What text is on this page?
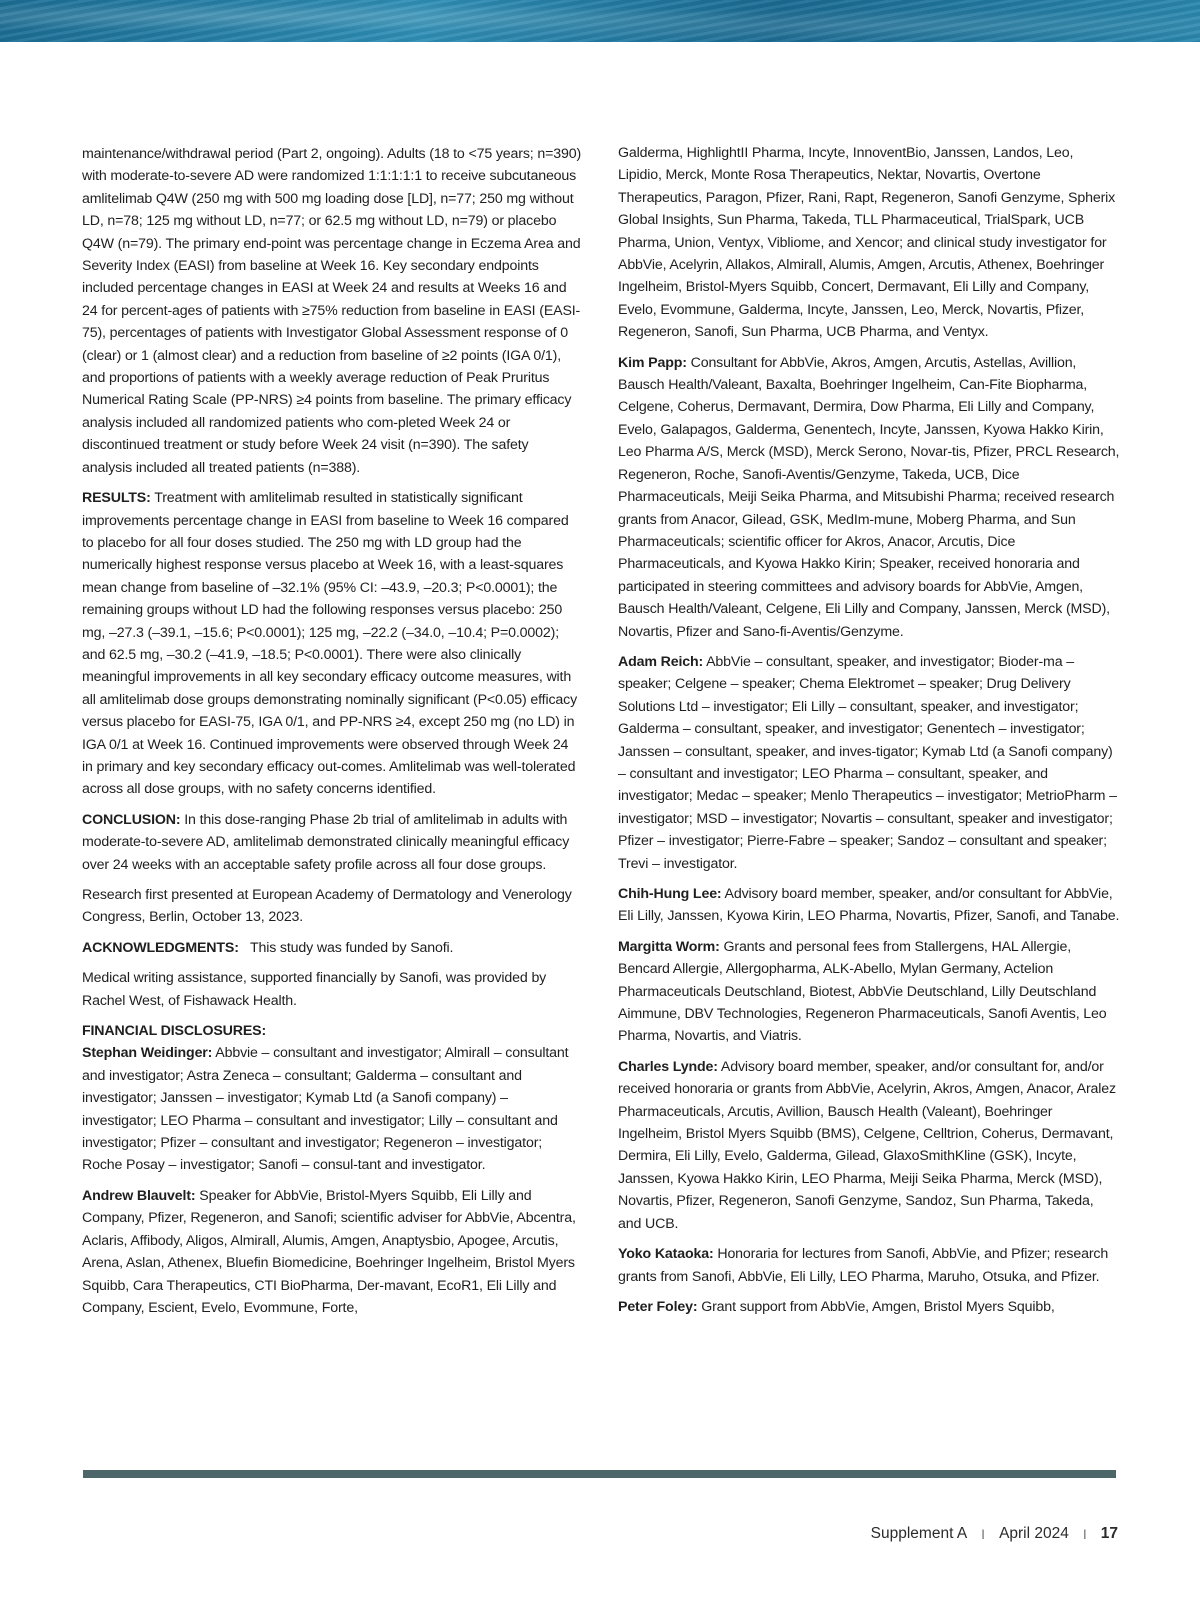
maintenance/withdrawal period (Part 2, ongoing). Adults (18 to <75 years; n=390) with moderate-to-severe AD were randomized 1:1:1:1:1 to receive subcutaneous amlitelimab Q4W (250 mg with 500 mg loading dose [LD], n=77; 250 mg without LD, n=78; 125 mg without LD, n=77; or 62.5 mg without LD, n=79) or placebo Q4W (n=79). The primary end-point was percentage change in Eczema Area and Severity Index (EASI) from baseline at Week 16. Key secondary endpoints included percentage changes in EASI at Week 24 and results at Weeks 16 and 24 for percent-ages of patients with ≥75% reduction from baseline in EASI (EASI-75), percentages of patients with Investigator Global Assessment response of 0 (clear) or 1 (almost clear) and a reduction from baseline of ≥2 points (IGA 0/1), and proportions of patients with a weekly average reduction of Peak Pruritus Numerical Rating Scale (PP-NRS) ≥4 points from baseline. The primary efficacy analysis included all randomized patients who com-pleted Week 24 or discontinued treatment or study before Week 24 visit (n=390). The safety analysis included all treated patients (n=388).

RESULTS: Treatment with amlitelimab resulted in statistically significant improvements percentage change in EASI from baseline to Week 16 compared to placebo for all four doses studied. The 250 mg with LD group had the numerically highest response versus placebo at Week 16, with a least-squares mean change from baseline of –32.1% (95% CI: –43.9, –20.3; P<0.0001); the remaining groups without LD had the following responses versus placebo: 250 mg, –27.3 (–39.1, –15.6; P<0.0001); 125 mg, –22.2 (–34.0, –10.4; P=0.0002); and 62.5 mg, –30.2 (–41.9, –18.5; P<0.0001). There were also clinically meaningful improvements in all key secondary efficacy outcome measures, with all amlitelimab dose groups demonstrating nominally significant (P<0.05) efficacy versus placebo for EASI-75, IGA 0/1, and PP-NRS ≥4, except 250 mg (no LD) in IGA 0/1 at Week 16. Continued improvements were observed through Week 24 in primary and key secondary efficacy out-comes. Amlitelimab was well-tolerated across all dose groups, with no safety concerns identified.

CONCLUSION: In this dose-ranging Phase 2b trial of amlitelimab in adults with moderate-to-severe AD, amlitelimab demonstrated clinically meaningful efficacy over 24 weeks with an acceptable safety profile across all four dose groups.

Research first presented at European Academy of Dermatology and Venerology Congress, Berlin, October 13, 2023.

ACKNOWLEDGMENTS: This study was funded by Sanofi.

Medical writing assistance, supported financially by Sanofi, was provided by Rachel West, of Fishawack Health.

FINANCIAL DISCLOSURES:

Stephan Weidinger: Abbvie – consultant and investigator; Almirall – consultant and investigator; Astra Zeneca – consultant; Galderma – consultant and investigator; Janssen – investigator; Kymab Ltd (a Sanofi company) – investigator; LEO Pharma – consultant and investigator; Lilly – consultant and investigator; Pfizer – consultant and investigator; Regeneron – investigator; Roche Posay – investigator; Sanofi – consul-tant and investigator.

Andrew Blauvelt: Speaker for AbbVie, Bristol-Myers Squibb, Eli Lilly and Company, Pfizer, Regeneron, and Sanofi; scientific adviser for AbbVie, Abcentra, Aclaris, Affibody, Aligos, Almirall, Alumis, Amgen, Anaptysbio, Apogee, Arcutis, Arena, Aslan, Athenex, Bluefin Biomedicine, Boehringer Ingelheim, Bristol Myers Squibb, Cara Therapeutics, CTI BioPharma, Der-mavant, EcoR1, Eli Lilly and Company, Escient, Evelo, Evommune, Forte,

Galderma, HighlightII Pharma, Incyte, InnoventBio, Janssen, Landos, Leo, Lipidio, Merck, Monte Rosa Therapeutics, Nektar, Novartis, Overtone Therapeutics, Paragon, Pfizer, Rani, Rapt, Regeneron, Sanofi Genzyme, Spherix Global Insights, Sun Pharma, Takeda, TLL Pharmaceutical, TrialSpark, UCB Pharma, Union, Ventyx, Vibliome, and Xencor; and clinical study investigator for AbbVie, Acelyrin, Allakos, Almirall, Alumis, Amgen, Arcutis, Athenex, Boehringer Ingelheim, Bristol-Myers Squibb, Concert, Dermavant, Eli Lilly and Company, Evelo, Evommune, Galderma, Incyte, Janssen, Leo, Merck, Novartis, Pfizer, Regeneron, Sanofi, Sun Pharma, UCB Pharma, and Ventyx.

Kim Papp: Consultant for AbbVie, Akros, Amgen, Arcutis, Astellas, Avillion, Bausch Health/Valeant, Baxalta, Boehringer Ingelheim, Can-Fite Biopharma, Celgene, Coherus, Dermavant, Dermira, Dow Pharma, Eli Lilly and Company, Evelo, Galapagos, Galderma, Genentech, Incyte, Janssen, Kyowa Hakko Kirin, Leo Pharma A/S, Merck (MSD), Merck Serono, Novar-tis, Pfizer, PRCL Research, Regeneron, Roche, Sanofi-Aventis/Genzyme, Takeda, UCB, Dice Pharmaceuticals, Meiji Seika Pharma, and Mitsubishi Pharma; received research grants from Anacor, Gilead, GSK, MedIm-mune, Moberg Pharma, and Sun Pharmaceuticals; scientific officer for Akros, Anacor, Arcutis, Dice Pharmaceuticals, and Kyowa Hakko Kirin; Speaker, received honoraria and participated in steering committees and advisory boards for AbbVie, Amgen, Bausch Health/Valeant, Celgene, Eli Lilly and Company, Janssen, Merck (MSD), Novartis, Pfizer and Sano-fi-Aventis/Genzyme.

Adam Reich: AbbVie – consultant, speaker, and investigator; Bioder-ma – speaker; Celgene – speaker; Chema Elektromet – speaker; Drug Delivery Solutions Ltd – investigator; Eli Lilly – consultant, speaker, and investigator; Galderma – consultant, speaker, and investigator; Genentech – investigator; Janssen – consultant, speaker, and inves-tigator; Kymab Ltd (a Sanofi company) – consultant and investigator; LEO Pharma – consultant, speaker, and investigator; Medac – speaker; Menlo Therapeutics – investigator; MetrioPharm – investigator; MSD – investigator; Novartis – consultant, speaker and investigator; Pfizer – investigator; Pierre-Fabre – speaker; Sandoz – consultant and speaker; Trevi – investigator.

Chih-Hung Lee: Advisory board member, speaker, and/or consultant for AbbVie, Eli Lilly, Janssen, Kyowa Kirin, LEO Pharma, Novartis, Pfizer, Sanofi, and Tanabe.

Margitta Worm: Grants and personal fees from Stallergens, HAL Allergie, Bencard Allergie, Allergopharma, ALK-Abello, Mylan Germany, Actelion Pharmaceuticals Deutschland, Biotest, AbbVie Deutschland, Lilly Deutschland Aimmune, DBV Technologies, Regeneron Pharmaceuticals, Sanofi Aventis, Leo Pharma, Novartis, and Viatris.

Charles Lynde: Advisory board member, speaker, and/or consultant for, and/or received honoraria or grants from AbbVie, Acelyrin, Akros, Amgen, Anacor, Aralez Pharmaceuticals, Arcutis, Avillion, Bausch Health (Valeant), Boehringer Ingelheim, Bristol Myers Squibb (BMS), Celgene, Celltrion, Coherus, Dermavant, Dermira, Eli Lilly, Evelo, Galderma, Gilead, GlaxoSmithKline (GSK), Incyte, Janssen, Kyowa Hakko Kirin, LEO Pharma, Meiji Seika Pharma, Merck (MSD), Novartis, Pfizer, Regeneron, Sanofi Genzyme, Sandoz, Sun Pharma, Takeda, and UCB.

Yoko Kataoka: Honoraria for lectures from Sanofi, AbbVie, and Pfizer; research grants from Sanofi, AbbVie, Eli Lilly, LEO Pharma, Maruho, Otsuka, and Pfizer.

Peter Foley: Grant support from AbbVie, Amgen, Bristol Myers Squibb,

Supplement A I April 2024 I 17
